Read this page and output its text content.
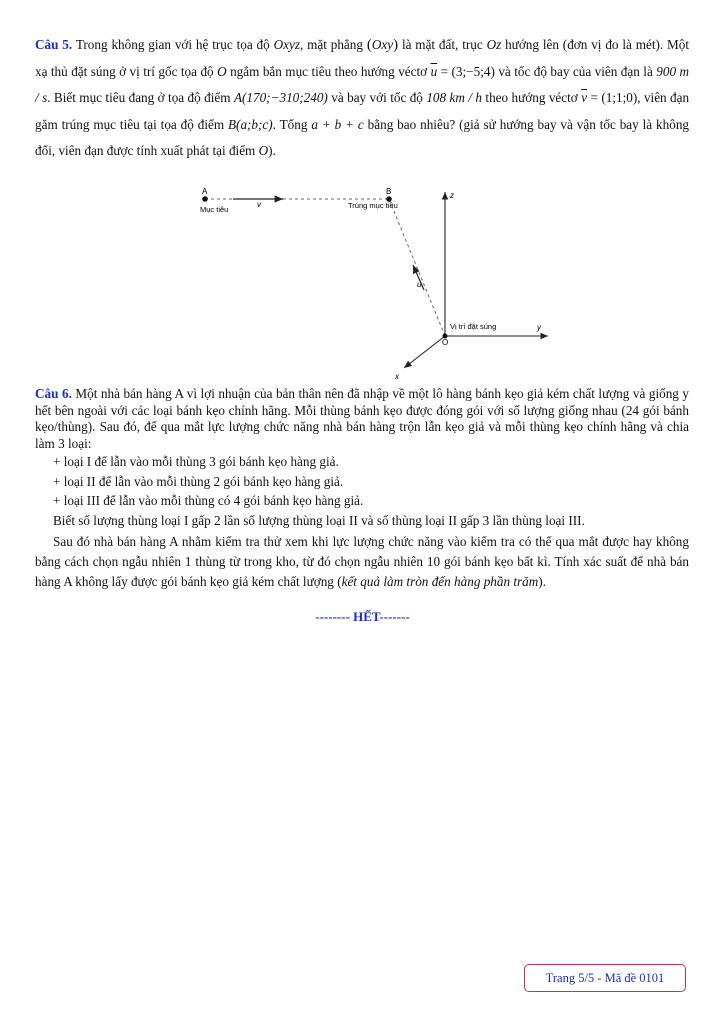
Câu 5. Trong không gian với hệ trục tọa độ Oxyz, mặt phẳng (Oxy) là mặt đất, trục Oz hướng lên (đơn vị đo là mét). Một xạ thủ đặt súng ở vị trí gốc tọa độ O ngắm bắn mục tiêu theo hướng véctơ $\overline{u}$ = (3;−5;4) và tốc độ bay của viên đạn là 900 m / s. Biết mục tiêu đang ở tọa độ điểm A(170;−310;240) và bay với tốc độ 108 km / h theo hướng véctơ $\overline{v}$ = (1;1;0), viên đạn găm trúng mục tiêu tại tọa độ điểm B(a;b;c). Tổng a + b + c bằng bao nhiêu? (giả sử hướng bay và vận tốc bay là không đổi, viên đạn được tính xuất phát tại điểm O).
A
Mục tiêu
v
B
Trúng mục tiêu
u
Vị trí đặt súng
O
z
y
x
Câu 6. Một nhà bán hàng A vì lợi nhuận của bản thân nên đã nhập về một lô hàng bánh kẹo giả kém chất lượng và giống y hết bên ngoài với các loại bánh kẹo chính hãng. Mỗi thùng bánh kẹo được đóng gói với số lượng giống nhau (24 gói bánh kẹo/thùng). Sau đó, để qua mắt lực lượng chức năng nhà bán hàng trộn lẫn kẹo giả và mỗi thùng kẹo chính hãng và chia làm 3 loại:
+ loại I để lẫn vào mỗi thùng 3 gói bánh kẹo hàng giả.
+ loại II để lẫn vào mỗi thùng 2 gói bánh kẹo hàng giả.
+ loại III để lẫn vào mỗi thùng có 4 gói bánh kẹo hàng giả.
Biết số lượng thùng loại I gấp 2 lần số lượng thùng loại II và số thùng loại II gấp 3 lần thùng loại III.
Sau đó nhà bán hàng A nhằm kiểm tra thử xem khi lực lượng chức năng vào kiểm tra có thể qua mắt được hay không bằng cách chọn ngẫu nhiên 1 thùng từ trong kho, từ đó chọn ngẫu nhiên 10 gói bánh kẹo bất kì. Tính xác suất để nhà bán hàng A không lấy được gói bánh kẹo giả kém chất lượng (kết quả làm tròn đến hàng phần trăm).
-------- HẾT-------
Trang 5/5 - Mã đề 0101
